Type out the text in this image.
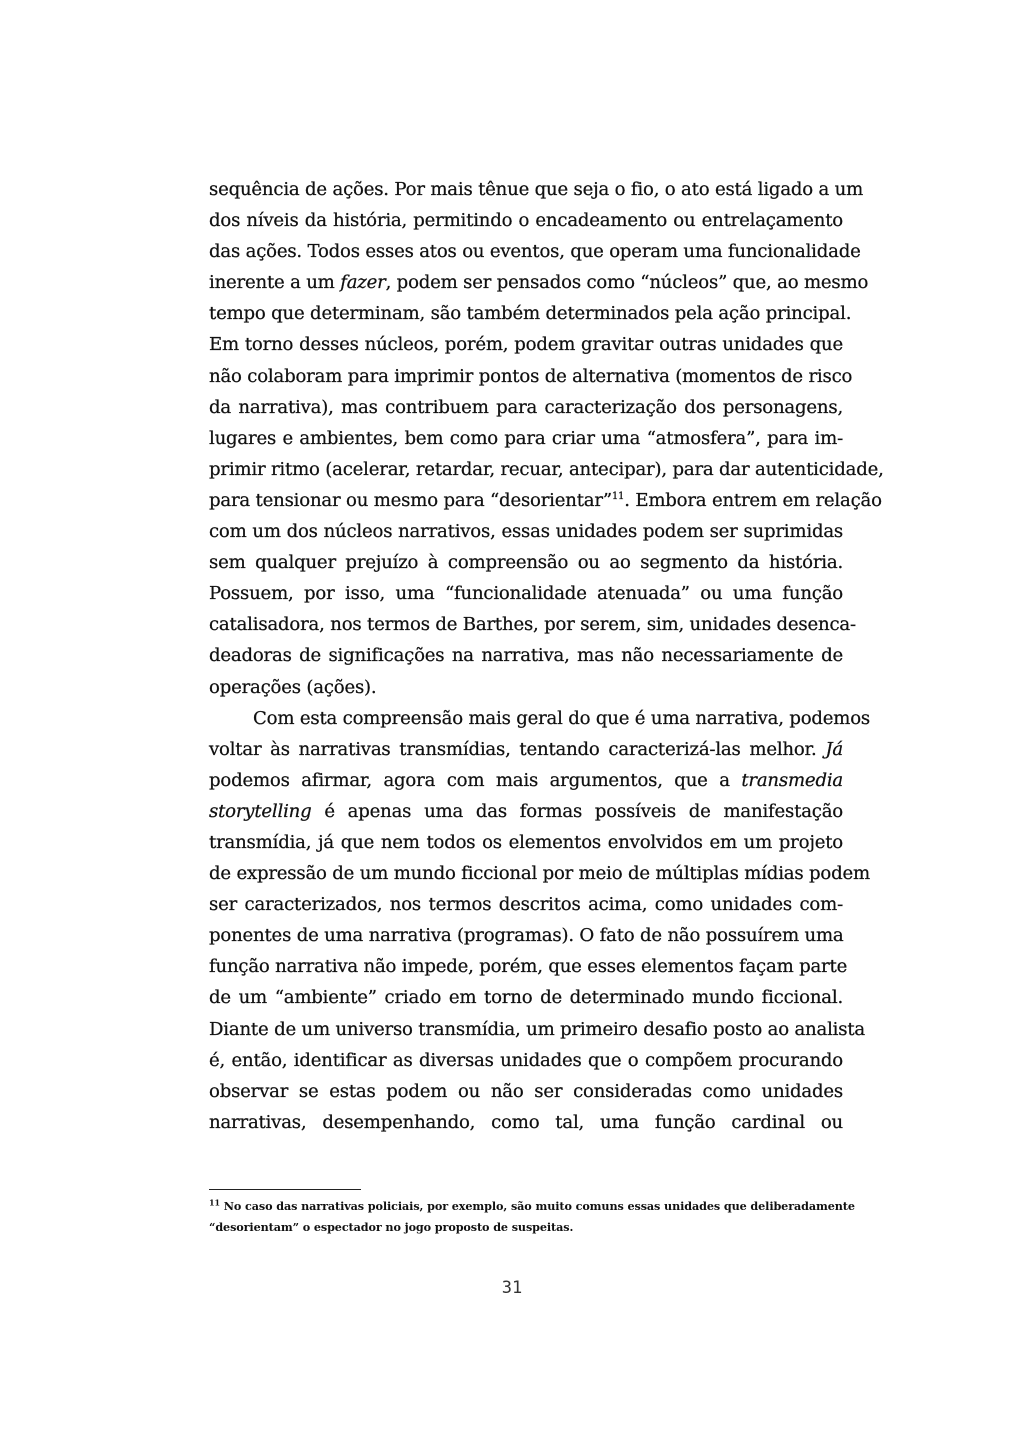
sequência de ações. Por mais tênue que seja o fio, o ato está ligado a um
dos níveis da história, permitindo o encadeamento ou entrelaçamento
das ações. Todos esses atos ou eventos, que operam uma funcionalidade
inerente a um fazer, podem ser pensados como “núcleos” que, ao mesmo
tempo que determinam, são também determinados pela ação principal.
Em torno desses núcleos, porém, podem gravitar outras unidades que
não colaboram para imprimir pontos de alternativa (momentos de risco
da narrativa), mas contribuem para caracterização dos personagens,
lugares e ambientes, bem como para criar uma “atmosfera”, para im-
primir ritmo (acelerar, retardar, recuar, antecipar), para dar autenticidade,
para tensionar ou mesmo para “desorientar”$^{11}$. Embora entrem em relação
com um dos núcleos narrativos, essas unidades podem ser suprimidas
sem qualquer prejuízo à compreensão ou ao segmento da história.
Possuem, por isso, uma “funcionalidade atenuada” ou uma função
catalisadora, nos termos de Barthes, por serem, sim, unidades desenca-
deadoras de significações na narrativa, mas não necessariamente de
operações (ações).
Com esta compreensão mais geral do que é uma narrativa, podemos
voltar às narrativas transmídias, tentando caracterizá-las melhor. Já
podemos afirmar, agora com mais argumentos, que a transmedia
storytelling é apenas uma das formas possíveis de manifestação
transmídia, já que nem todos os elementos envolvidos em um projeto
de expressão de um mundo ficcional por meio de múltiplas mídias podem
ser caracterizados, nos termos descritos acima, como unidades com-
ponentes de uma narrativa (programas). O fato de não possuírem uma
função narrativa não impede, porém, que esses elementos façam parte
de um “ambiente” criado em torno de determinado mundo ficcional.
Diante de um universo transmídia, um primeiro desafio posto ao analista
é, então, identificar as diversas unidades que o compõem procurando
observar se estas podem ou não ser consideradas como unidades
narrativas, desempenhando, como tal, uma função cardinal ou
$^{11}$ No caso das narrativas policiais, por exemplo, são muito comuns essas unidades que deliberadamente
“desorientam” o espectador no jogo proposto de suspeitas.
31
